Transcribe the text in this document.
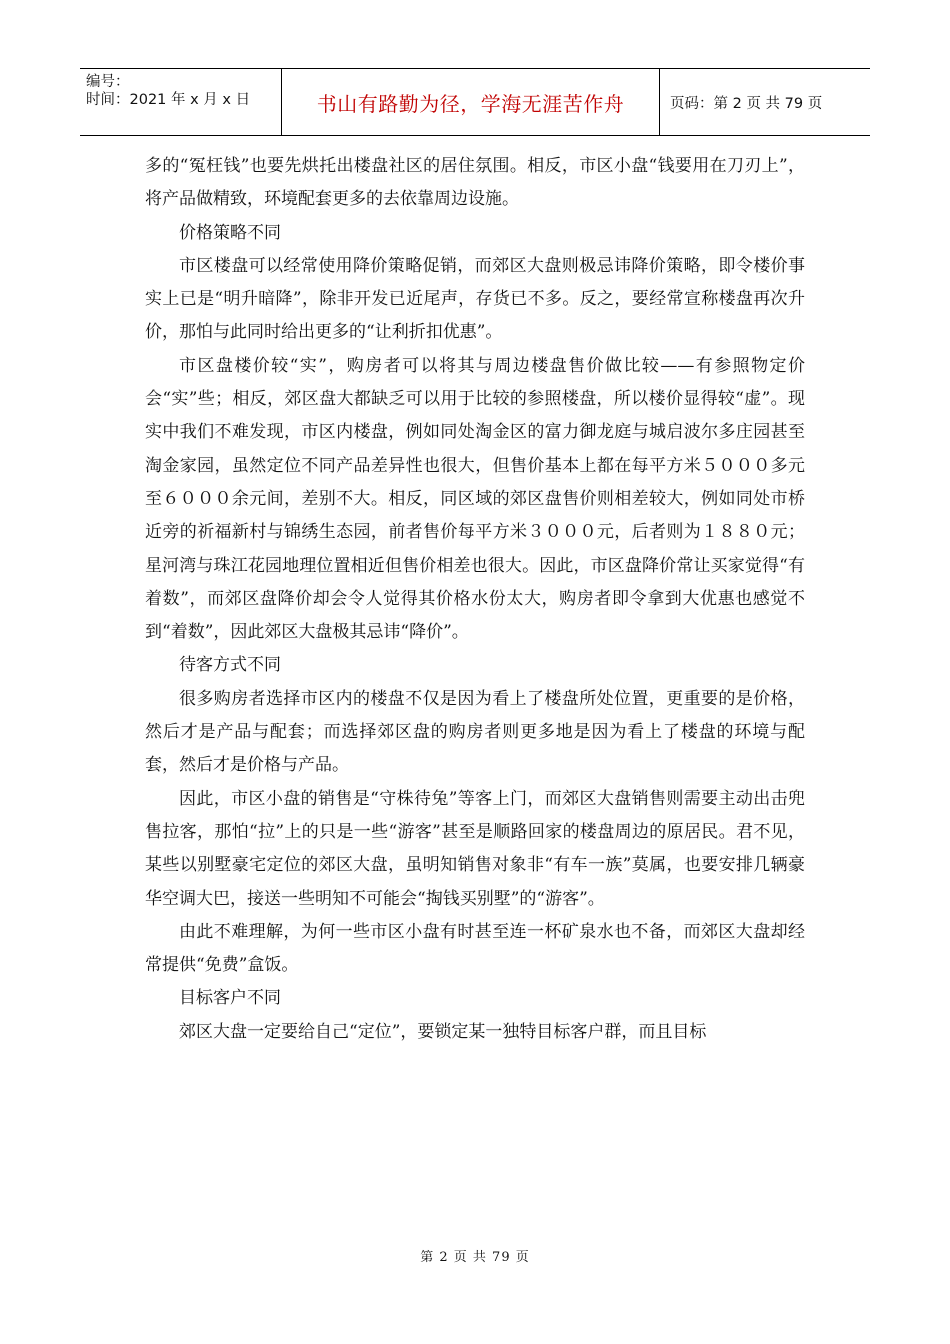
编号：
时间：2021 年 x 月 x 日	书山有路勤为径，学海无涯苦作舟	页码：第 2 页 共 79 页

多的“冤枉钱”也要先烘托出楼盘社区的居住氛围。相反，市区小盘“钱要用在刀刃上”，将产品做精致，环境配套更多的去依靠周边设施。

价格策略不同

市区楼盘可以经常使用降价策略促销，而郊区大盘则极忌讳降价策略，即令楼价事实上已是“明升暗降”，除非开发已近尾声，存货已不多。反之，要经常宣称楼盘再次升价，那怕与此同时给出更多的“让利折扣优惠”。

市区盘楼价较“实”，购房者可以将其与周边楼盘售价做比较——有参照物定价会“实”些；相反，郊区盘大都缺乏可以用于比较的参照楼盘，所以楼价显得较“虚”。现实中我们不难发现，市区内楼盘，例如同处淘金区的富力御龙庭与城启波尔多庄园甚至淘金家园，虽然定位不同产品差异性也很大，但售价基本上都在每平方米５０００多元至６０００余元间，差别不大。相反，同区域的郊区盘售价则相差较大，例如同处市桥近旁的祈福新村与锦绣生态园，前者售价每平方米３０００元，后者则为１８８０元；星河湾与珠江花园地理位置相近但售价相差也很大。因此，市区盘降价常让买家觉得“有着数”，而郊区盘降价却会令人觉得其价格水份太大，购房者即令拿到大优惠也感觉不到“着数”，因此郊区大盘极其忌讳“降价”。

待客方式不同

很多购房者选择市区内的楼盘不仅是因为看上了楼盘所处位置，更重要的是价格，然后才是产品与配套；而选择郊区盘的购房者则更多地是因为看上了楼盘的环境与配套，然后才是价格与产品。

因此，市区小盘的销售是“守株待兔”等客上门，而郊区大盘销售则需要主动出击兜售拉客，那怕“拉”上的只是一些“游客”甚至是顺路回家的楼盘周边的原居民。君不见，某些以别墅豪宅定位的郊区大盘，虽明知销售对象非“有车一族”莫属，也要安排几辆豪华空调大巴，接送一些明知不可能会“掏钱买别墅”的“游客”。

由此不难理解，为何一些市区小盘有时甚至连一杯矿泉水也不备，而郊区大盘却经常提供“免费”盒饭。

目标客户不同

郊区大盘一定要给自己“定位”，要锁定某一独特目标客户群，而且目标

第 2 页 共 79 页
